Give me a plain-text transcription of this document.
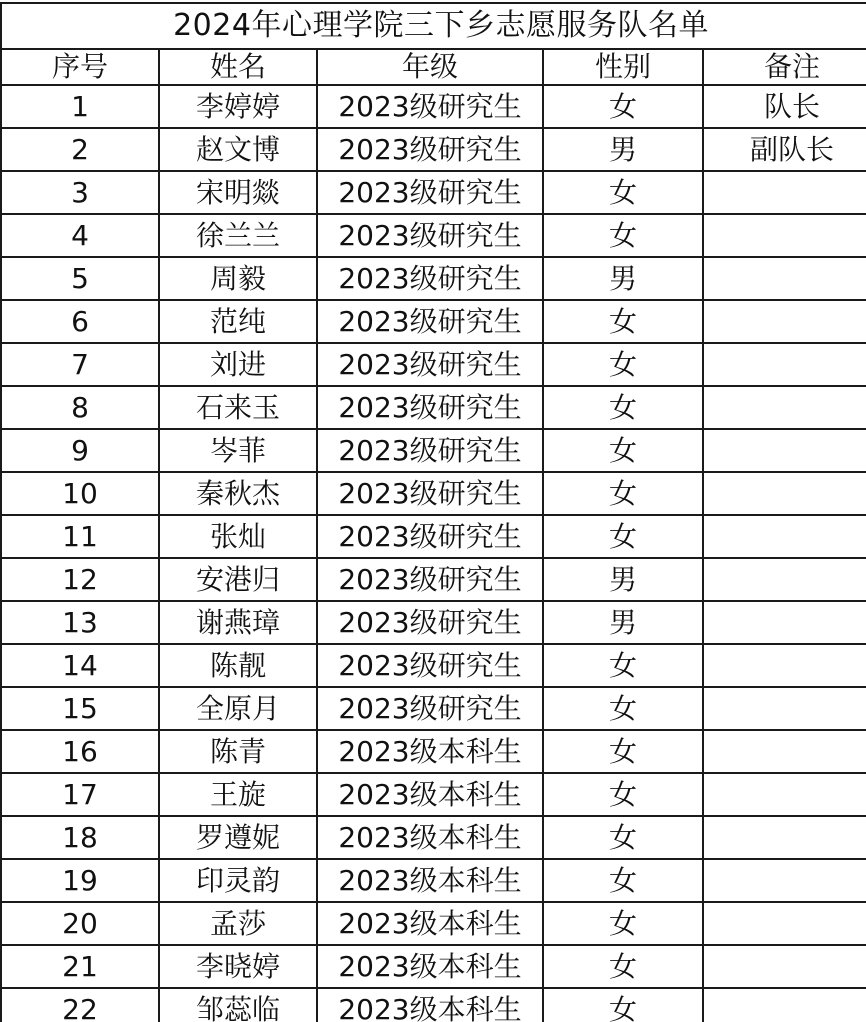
2024年心理学院三下乡志愿服务队名单				
序号	姓名	年级	性别	备注
1	李婷婷	2023级研究生	女	队长
2	赵文博	2023级研究生	男	副队长
3	宋明燚	2023级研究生	女	
4	徐兰兰	2023级研究生	女	
5	周毅	2023级研究生	男	
6	范纯	2023级研究生	女	
7	刘进	2023级研究生	女	
8	石来玉	2023级研究生	女	
9	岑菲	2023级研究生	女	
10	秦秋杰	2023级研究生	女	
11	张灿	2023级研究生	女	
12	安港归	2023级研究生	男	
13	谢燕璋	2023级研究生	男	
14	陈靓	2023级研究生	女	
15	全原月	2023级研究生	女	
16	陈青	2023级本科生	女	
17	王旋	2023级本科生	女	
18	罗遵妮	2023级本科生	女	
19	印灵韵	2023级本科生	女	
20	孟莎	2023级本科生	女	
21	李晓婷	2023级本科生	女	
22	邹蕊临	2023级本科生	女	
